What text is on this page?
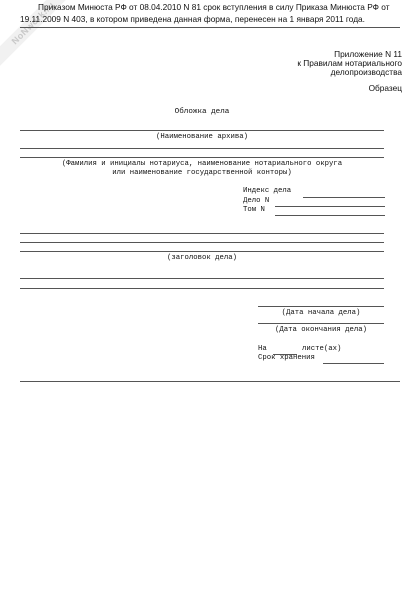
NoNwork.ru
Приказом Минюста РФ от 08.04.2010 N 81 срок вступления в силу Приказа Минюста РФ от
19.11.2009 N 403, в котором приведена данная форма, перенесен на 1 января 2011 года.
Приложение N 11
к Правилам нотариального
делопроизводства
Образец
Обложка дела
(Наименование архива)
(Фамилия и инициалы нотариуса, наименование нотариального округа
или наименование государственной конторы)
Индекс дела
Дело N
Том N
(заголовок дела)
(Дата начала дела)
(Дата окончания дела)
На	листе(ах)
Срок хранения
